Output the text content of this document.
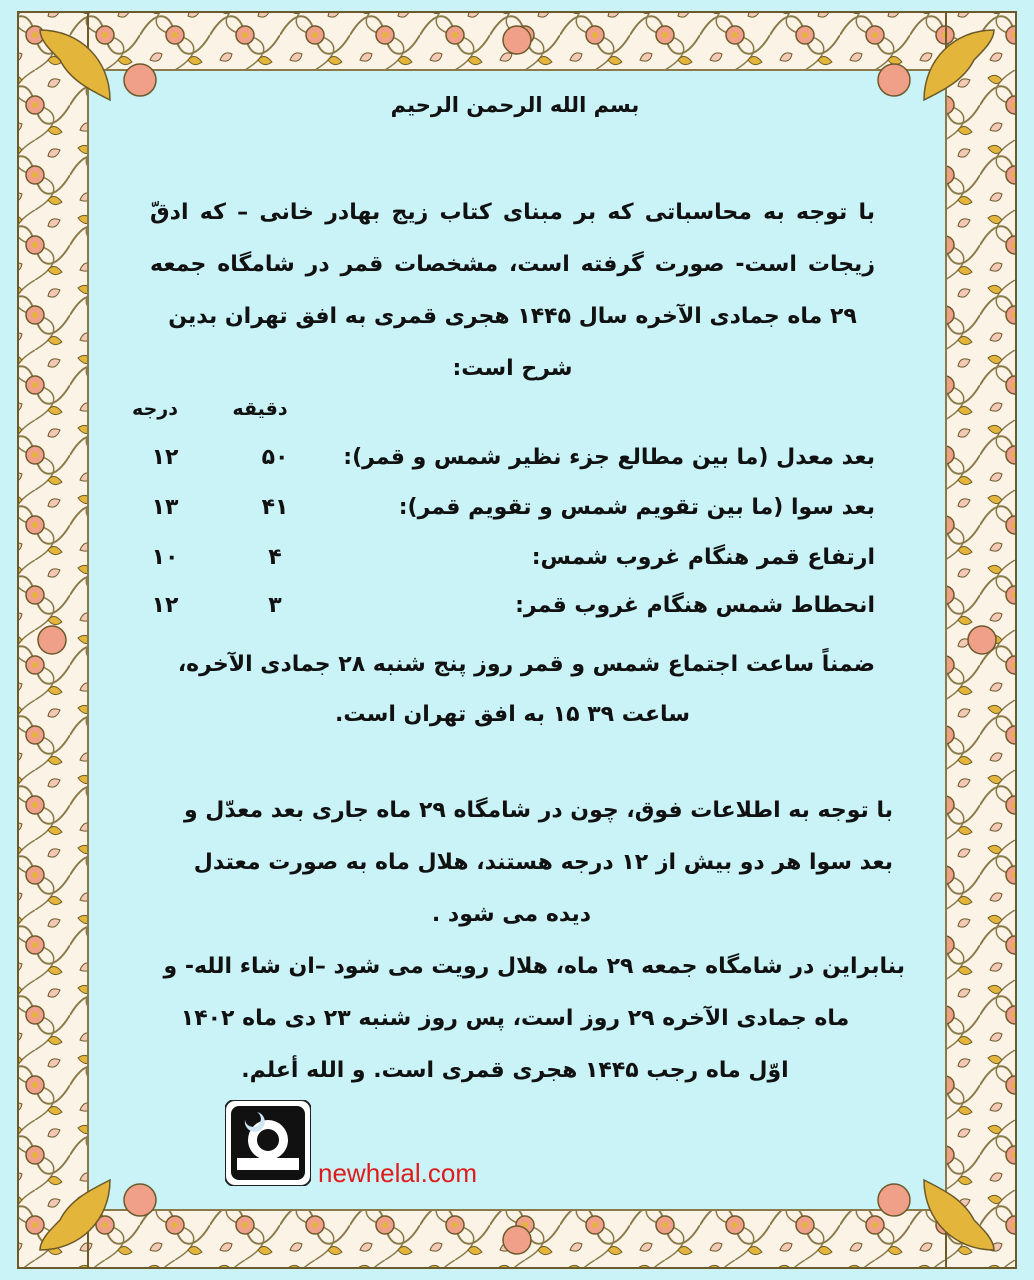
بسم الله الرحمن الرحیم
با توجه به محاسباتی که بر مبنای کتاب زیج بهادر خانی – که ادقّ زیجات است- صورت گرفته است، مشخصات قمر در شامگاه جمعه ۲۹ ماه جمادی الآخره سال ۱۴۴۵ هجری قمری به افق تهران بدین
شرح است:
درجه	دقیقه
بعد معدل (ما بین مطالع جزء نظیر شمس و قمر):
۵۰
۱۲
بعد سوا (ما بین تقویم شمس و تقویم قمر):
۴۱
۱۳
ارتفاع قمر هنگام غروب شمس:
۴
۱۰
انحطاط شمس هنگام غروب قمر:
۳
۱۲
ضمناً ساعت اجتماع شمس و قمر روز پنج شنبه ۲۸ جمادی الآخره،

ساعت ۳۹ ۱۵ به افق تهران است.
با توجه به اطلاعات فوق، چون در شامگاه ۲۹ ماه جاری بعد معدّل و
بعد سوا هر دو بیش از ۱۲ درجه هستند، هلال ماه به صورت معتدل
دیده می شود .
بنابراین در شامگاه جمعه ۲۹ ماه، هلال رویت می شود –ان شاء الله- و

ماه جمادی الآخره ۲۹ روز است، پس روز شنبه ۲۳ دی ماه ۱۴۰۲
اوّل ماه رجب ۱۴۴۵ هجری قمری است. و الله أعلم.
newhelal.com
